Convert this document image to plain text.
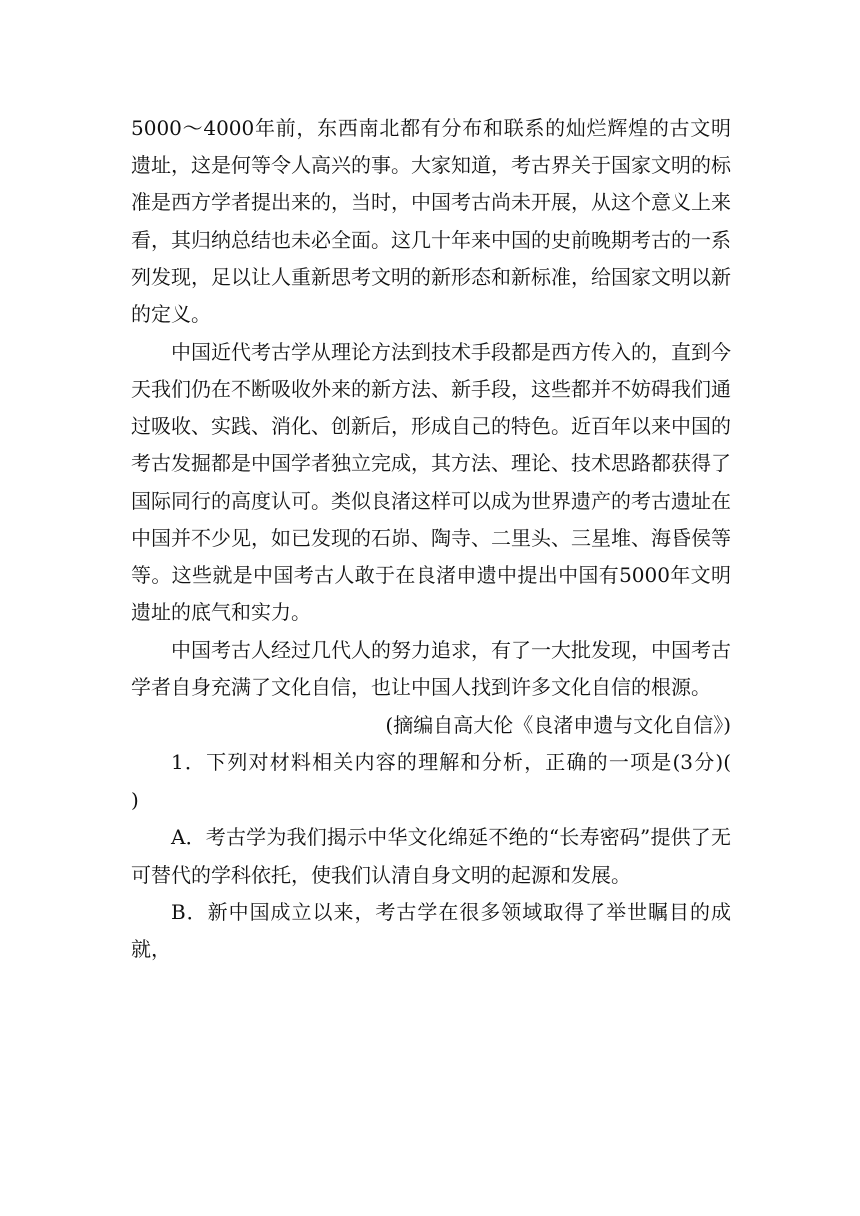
5000～4000年前，东西南北都有分布和联系的灿烂辉煌的古文明遗址，这是何等令人高兴的事。大家知道，考古界关于国家文明的标准是西方学者提出来的，当时，中国考古尚未开展，从这个意义上来看，其归纳总结也未必全面。这几十年来中国的史前晚期考古的一系列发现，足以让人重新思考文明的新形态和新标准，给国家文明以新的定义。

中国近代考古学从理论方法到技术手段都是西方传入的，直到今天我们仍在不断吸收外来的新方法、新手段，这些都并不妨碍我们通过吸收、实践、消化、创新后，形成自己的特色。近百年以来中国的考古发掘都是中国学者独立完成，其方法、理论、技术思路都获得了国际同行的高度认可。类似良渚这样可以成为世界遗产的考古遗址在中国并不少见，如已发现的石峁、陶寺、二里头、三星堆、海昏侯等等。这些就是中国考古人敢于在良渚申遗中提出中国有5000年文明遗址的底气和实力。

中国考古人经过几代人的努力追求，有了一大批发现，中国考古学者自身充满了文化自信，也让中国人找到许多文化自信的根源。

(摘编自高大伦《良渚申遗与文化自信》)

1．下列对材料相关内容的理解和分析，正确的一项是(3分)(　　)

A．考古学为我们揭示中华文化绵延不绝的“长寿密码”提供了无可替代的学科依托，使我们认清自身文明的起源和发展。

B．新中国成立以来，考古学在很多领域取得了举世瞩目的成就，
